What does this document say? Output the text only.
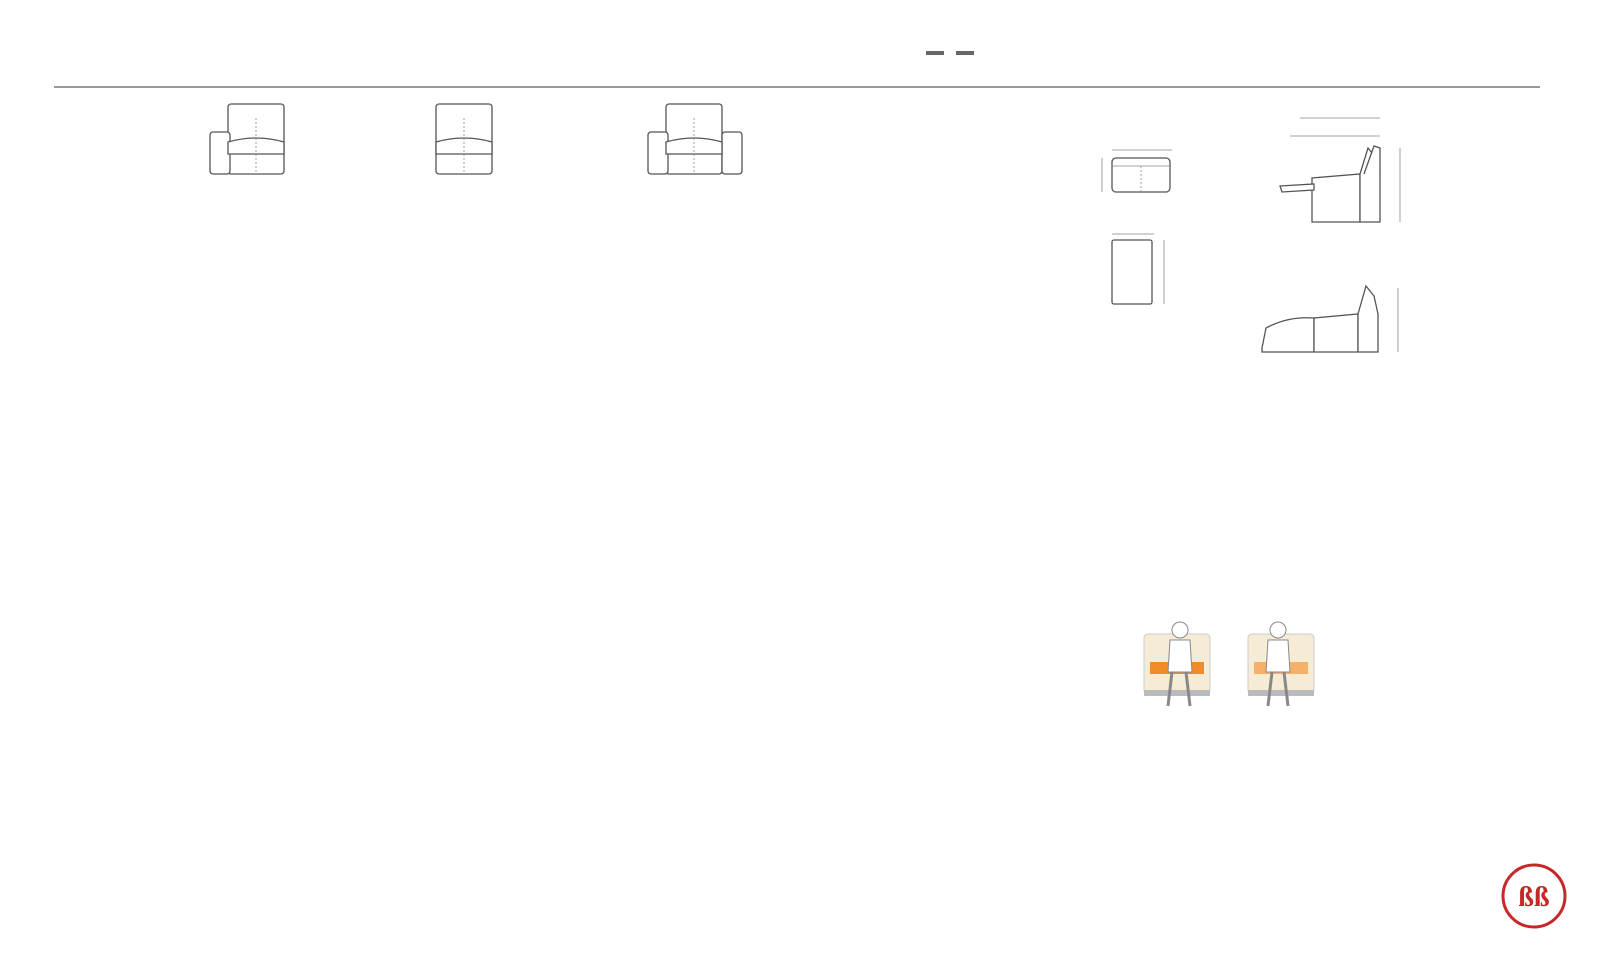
ßß
